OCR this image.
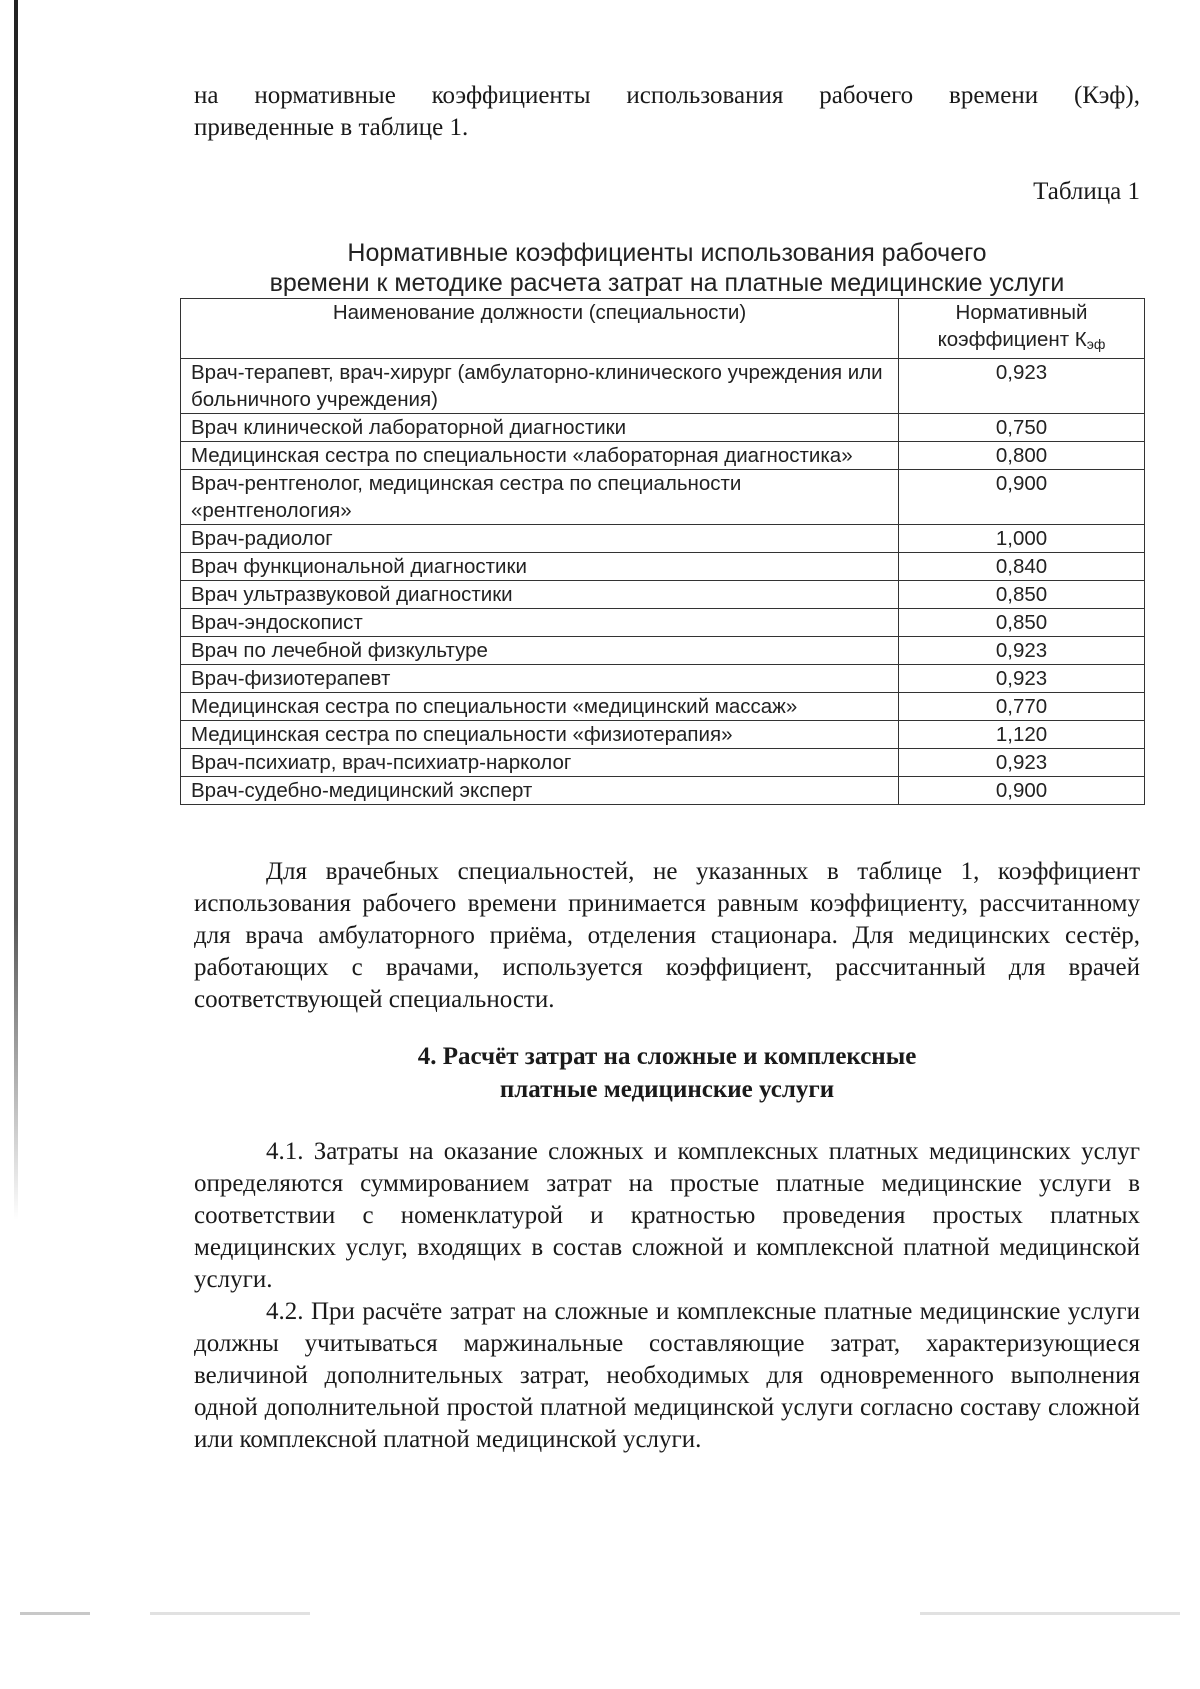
на нормативные коэффициенты использования рабочего времени (Кэф),

приведенные в таблице 1.

Таблица 1
Нормативные коэффициенты использования рабочего
времени к методике расчета затрат на платные медицинские услуги
Наименование должности (специальности)	Нормативный
коэффициент $К_{эф}$

Врач-терапевт, врач-хирург (амбулаторно-клинического учреждения или больничного учреждения)	0,923
Врач клинической лабораторной диагностики	0,750
Медицинская сестра по специальности «лабораторная диагностика»	0,800
Врач-рентгенолог, медицинская сестра по специальности «рентгенология»	0,900
Врач-радиолог	1,000
Врач функциональной диагностики	0,840
Врач ультразвуковой диагностики	0,850
Врач-эндоскопист	0,850
Врач по лечебной физкультуре	0,923
Врач-физиотерапевт	0,923
Медицинская сестра по специальности «медицинский массаж»	0,770
Медицинская сестра по специальности «физиотерапия»	1,120
Врач-психиатр, врач-психиатр-нарколог	0,923
Врач-судебно-медицинский эксперт	0,900

Для врачебных специальностей, не указанных в таблице 1, коэффициент использования рабочего времени принимается равным коэффициенту, рассчитанному для врача амбулаторного приёма, отделения стационара. Для медицинских сестёр, работающих с врачами, используется коэффициент, рассчитанный для врачей соответствующей специальности.

4. Расчёт затрат на сложные и комплексные
платные медицинские услуги

4.1. Затраты на оказание сложных и комплексных платных медицинских услуг определяются суммированием затрат на простые платные медицинские услуги в соответствии с номенклатурой и кратностью проведения простых платных медицинских услуг, входящих в состав сложной и комплексной платной медицинской услуги.

4.2. При расчёте затрат на сложные и комплексные платные медицинские услуги должны учитываться маржинальные составляющие затрат, характеризующиеся величиной дополнительных затрат, необходимых для одновременного выполнения одной дополнительной простой платной медицинской услуги согласно составу сложной или комплексной платной медицинской услуги.
